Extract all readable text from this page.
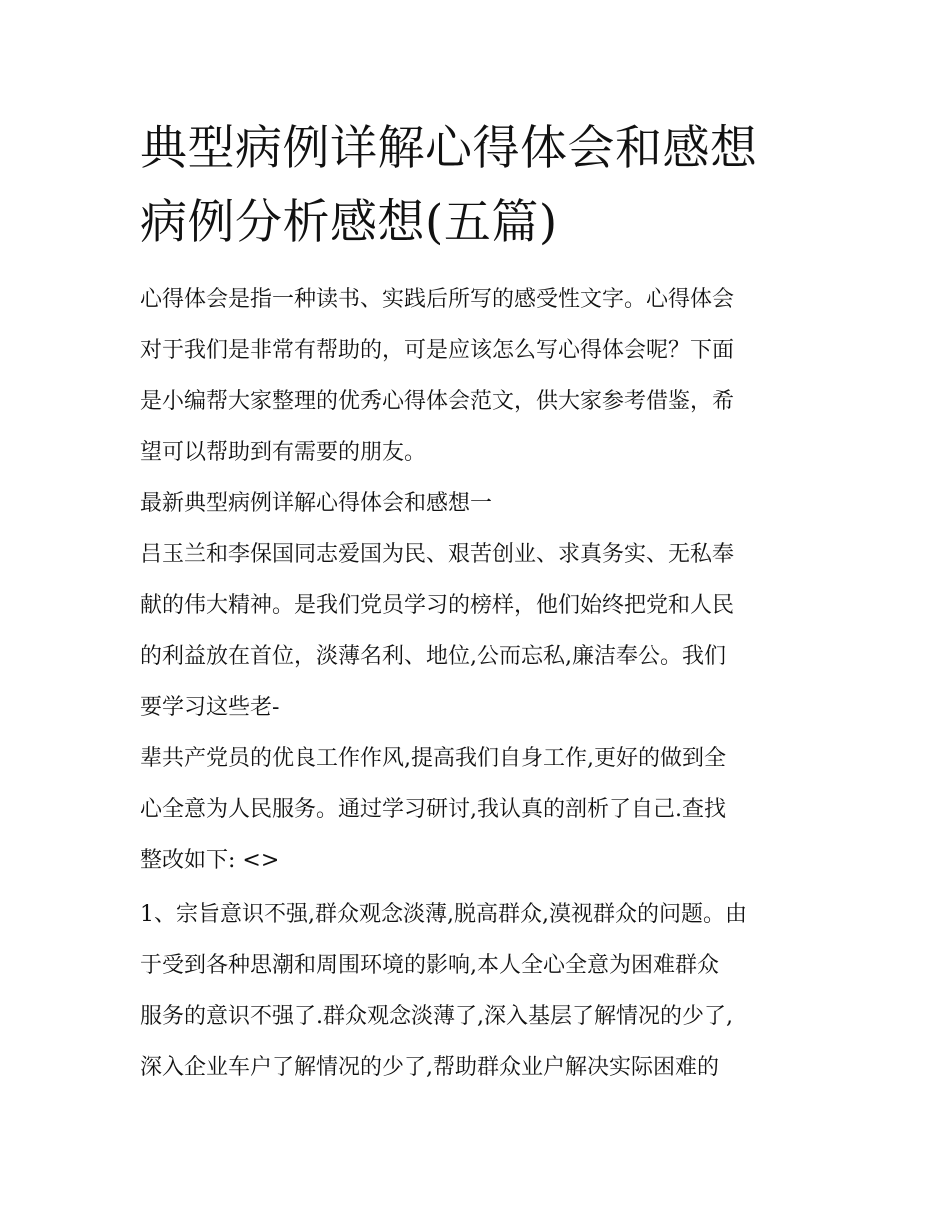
典型病例详解心得体会和感想
病例分析感想(五篇)
心得体会是指一种读书、实践后所写的感受性文字。心得体会
对于我们是非常有帮助的，可是应该怎么写心得体会呢？下面
是小编帮大家整理的优秀心得体会范文，供大家参考借鉴，希
望可以帮助到有需要的朋友。
最新典型病例详解心得体会和感想一
吕玉兰和李保国同志爱国为民、艰苦创业、求真务实、无私奉
献的伟大精神。是我们党员学习的榜样，他们始终把党和人民
的利益放在首位，淡薄名利、地位,公而忘私,廉洁奉公。我们
要学习这些老-
辈共产党员的优良工作作风,提高我们自身工作,更好的做到全
心全意为人民服务。通过学习研讨,我认真的剖析了自己.查找
整改如下: <>
1、宗旨意识不强,群众观念淡薄,脱高群众,漠视群众的问题。由
于受到各种思潮和周围环境的影响,本人全心全意为困难群众
服务的意识不强了.群众观念淡薄了,深入基层了解情况的少了,
深入企业车户了解情况的少了,帮助群众业户解决实际困难的
